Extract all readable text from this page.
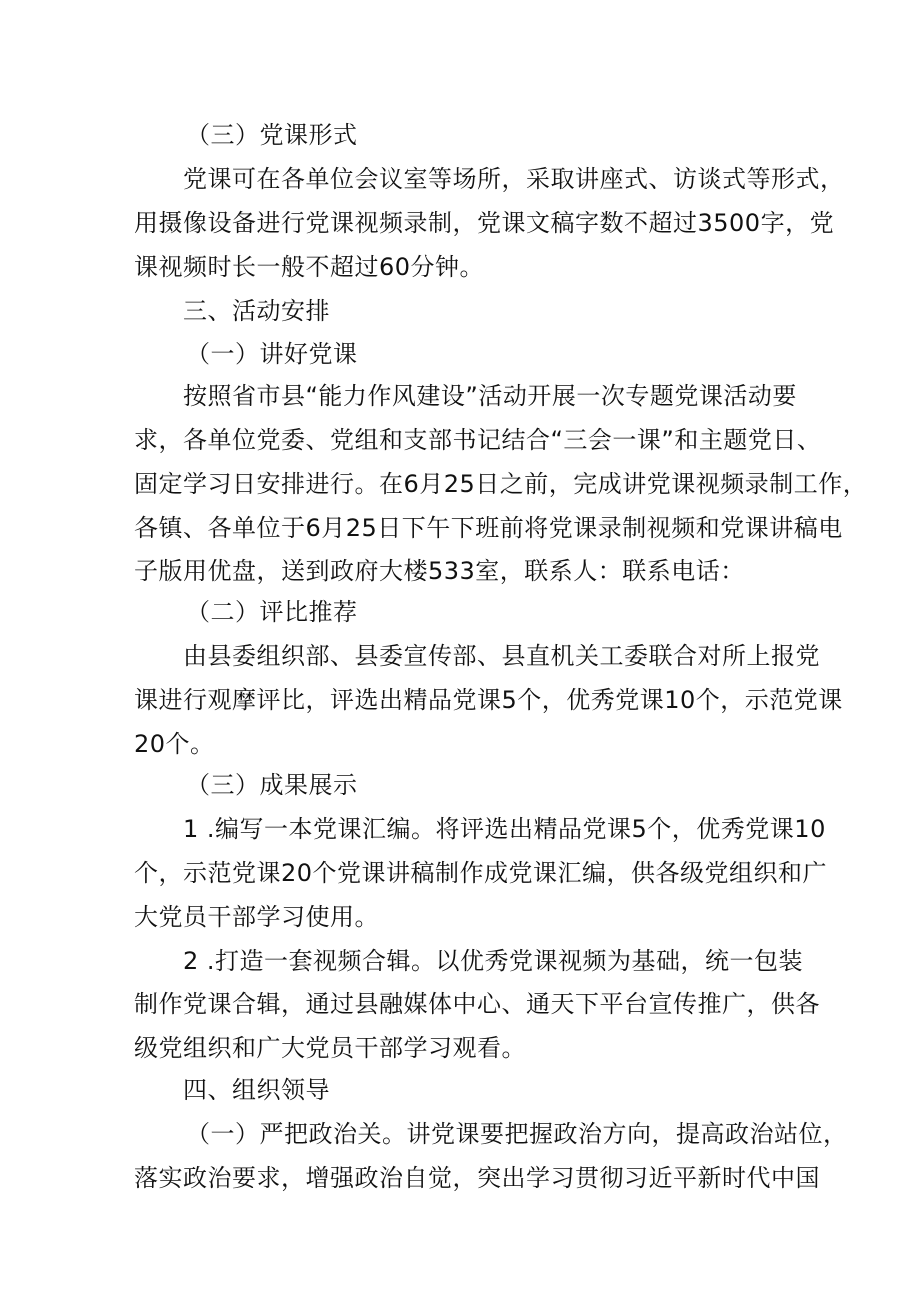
（三）党课形式
党课可在各单位会议室等场所，采取讲座式、访谈式等形式，
用摄像设备进行党课视频录制，党课文稿字数不超过3500字，党
课视频时长一般不超过60分钟。
三、活动安排
（一）讲好党课
按照省市县“能力作风建设”活动开展一次专题党课活动要
求，各单位党委、党组和支部书记结合“三会一课”和主题党日、
固定学习日安排进行。在6月25日之前，完成讲党课视频录制工作，
各镇、各单位于6月25日下午下班前将党课录制视频和党课讲稿电
子版用优盘，送到政府大楼533室，联系人：联系电话：
（二）评比推荐
由县委组织部、县委宣传部、县直机关工委联合对所上报党
课进行观摩评比，评选出精品党课5个，优秀党课10个，示范党课
20个。
（三）成果展示
1 .编写一本党课汇编。将评选出精品党课5个，优秀党课10
个，示范党课20个党课讲稿制作成党课汇编，供各级党组织和广
大党员干部学习使用。
2 .打造一套视频合辑。以优秀党课视频为基础，统一包装
制作党课合辑，通过县融媒体中心、通天下平台宣传推广，供各
级党组织和广大党员干部学习观看。
四、组织领导
（一）严把政治关。讲党课要把握政治方向，提高政治站位，
落实政治要求，增强政治自觉，突出学习贯彻习近平新时代中国
